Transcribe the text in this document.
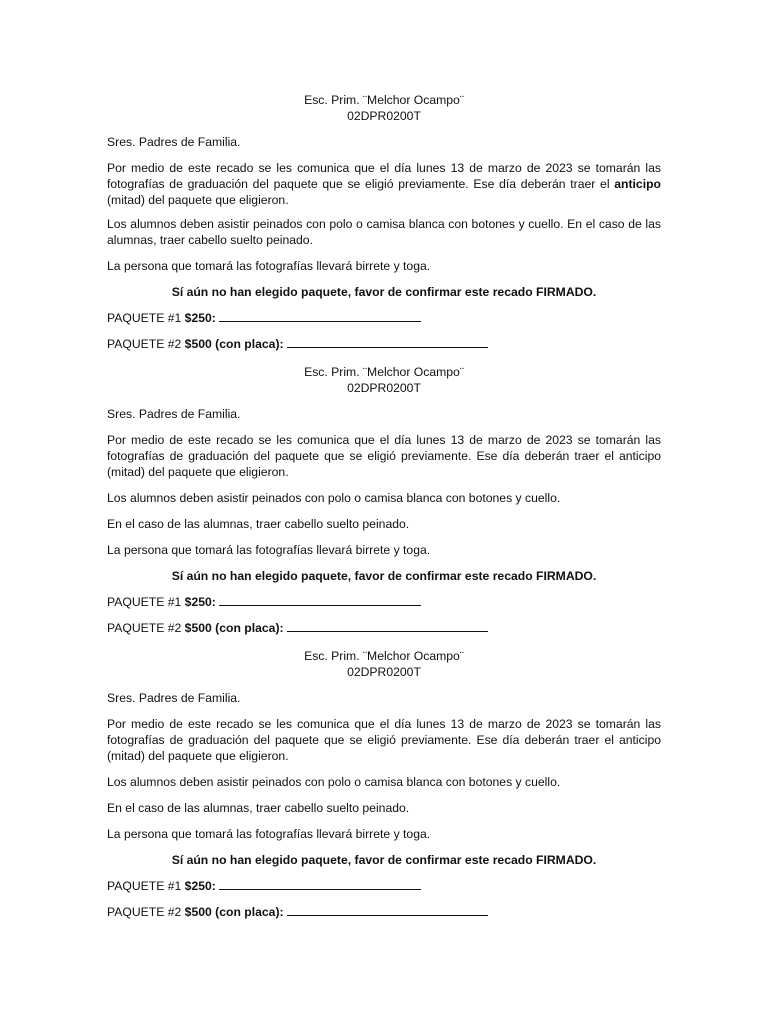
Esc. Prim. ¨Melchor Ocampo¨
02DPR0200T

Sres. Padres de Familia.

Por medio de este recado se les comunica que el día lunes 13 de marzo de 2023 se tomarán las fotografías de graduación del paquete que se eligió previamente. Ese día deberán traer el anticipo (mitad) del paquete que eligieron.

Los alumnos deben asistir peinados con polo o camisa blanca con botones y cuello. En el caso de las alumnas, traer cabello suelto peinado.

La persona que tomará las fotografías llevará birrete y toga.

Sí aún no han elegido paquete, favor de confirmar este recado FIRMADO.

PAQUETE #1 $250:

PAQUETE #2 $500 (con placa):

Esc. Prim. ¨Melchor Ocampo¨
02DPR0200T

Sres. Padres de Familia.

Por medio de este recado se les comunica que el día lunes 13 de marzo de 2023 se tomarán las fotografías de graduación del paquete que se eligió previamente. Ese día deberán traer el anticipo (mitad) del paquete que eligieron.

Los alumnos deben asistir peinados con polo o camisa blanca con botones y cuello.

En el caso de las alumnas, traer cabello suelto peinado.

La persona que tomará las fotografías llevará birrete y toga.

Sí aún no han elegido paquete, favor de confirmar este recado FIRMADO.

PAQUETE #1 $250:

PAQUETE #2 $500 (con placa):

Esc. Prim. ¨Melchor Ocampo¨
02DPR0200T

Sres. Padres de Familia.

Por medio de este recado se les comunica que el día lunes 13 de marzo de 2023 se tomarán las fotografías de graduación del paquete que se eligió previamente. Ese día deberán traer el anticipo (mitad) del paquete que eligieron.

Los alumnos deben asistir peinados con polo o camisa blanca con botones y cuello.

En el caso de las alumnas, traer cabello suelto peinado.

La persona que tomará las fotografías llevará birrete y toga.

Sí aún no han elegido paquete, favor de confirmar este recado FIRMADO.

PAQUETE #1 $250:

PAQUETE #2 $500 (con placa):
